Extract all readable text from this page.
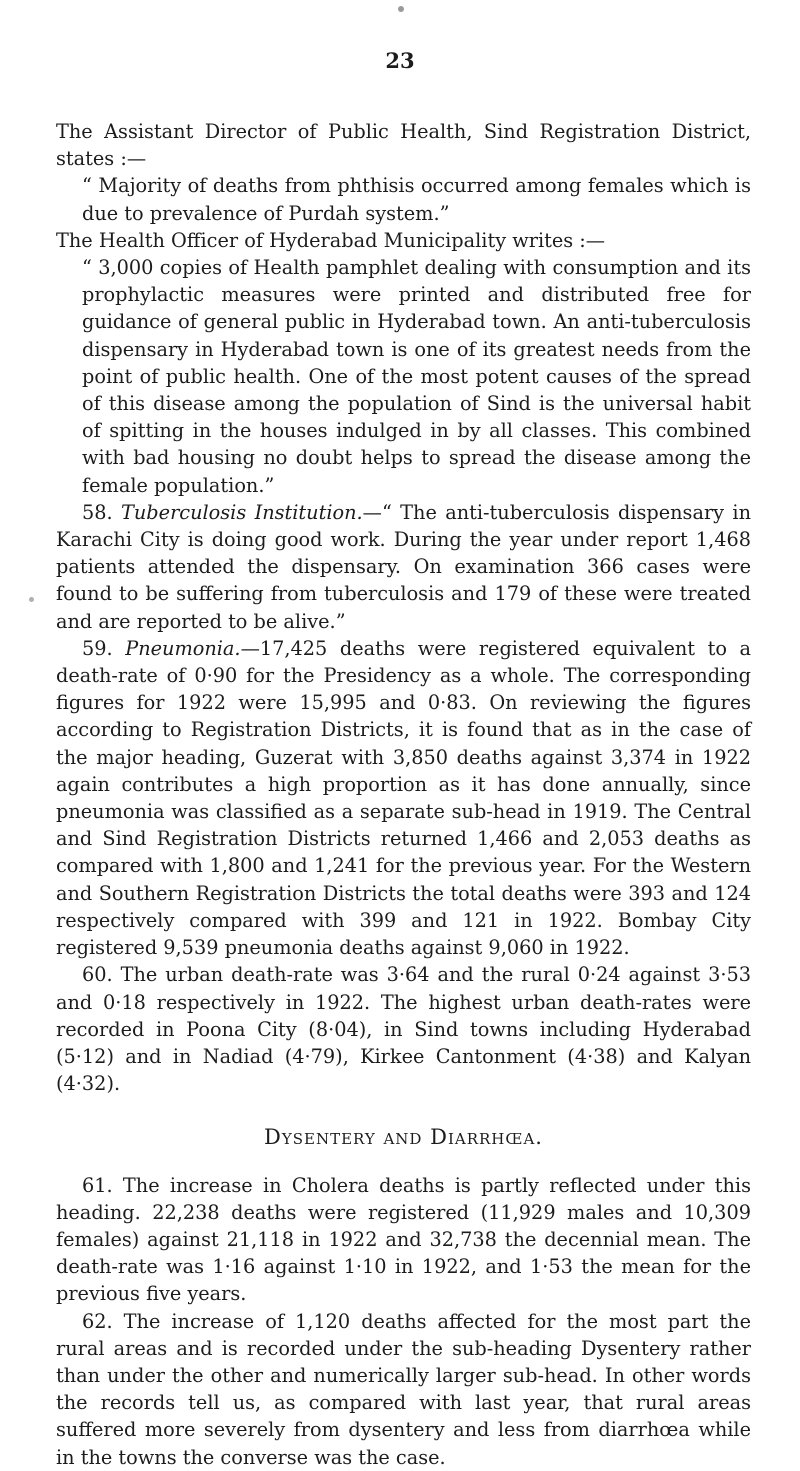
23

The Assistant Director of Public Health, Sind Registration District, states :—

“ Majority of deaths from phthisis occurred among females which is due to prevalence of Purdah system.”

The Health Officer of Hyderabad Municipality writes :—

“ 3,000 copies of Health pamphlet dealing with consumption and its prophylactic measures were printed and distributed free for guidance of general public in Hyderabad town. An anti-tuberculosis dispensary in Hyderabad town is one of its greatest needs from the point of public health. One of the most potent causes of the spread of this disease among the population of Sind is the universal habit of spitting in the houses indulged in by all classes. This combined with bad housing no doubt helps to spread the disease among the female population.”

58. Tuberculosis Institution.—“ The anti-tuberculosis dispensary in Karachi City is doing good work. During the year under report 1,468 patients attended the dispensary. On examination 366 cases were found to be suffering from tuberculosis and 179 of these were treated and are reported to be alive.”

59. Pneumonia.—17,425 deaths were registered equivalent to a death-rate of 0·90 for the Presidency as a whole. The corresponding figures for 1922 were 15,995 and 0·83. On reviewing the figures according to Registration Districts, it is found that as in the case of the major heading, Guzerat with 3,850 deaths against 3,374 in 1922 again contributes a high proportion as it has done annually, since pneumonia was classified as a separate sub-head in 1919. The Central and Sind Registration Districts returned 1,466 and 2,053 deaths as compared with 1,800 and 1,241 for the previous year. For the Western and Southern Registration Districts the total deaths were 393 and 124 respectively compared with 399 and 121 in 1922. Bombay City registered 9,539 pneumonia deaths against 9,060 in 1922.

60. The urban death-rate was 3·64 and the rural 0·24 against 3·53 and 0·18 respectively in 1922. The highest urban death-rates were recorded in Poona City (8·04), in Sind towns including Hyderabad (5·12) and in Nadiad (4·79), Kirkee Cantonment (4·38) and Kalyan (4·32).

Dysentery and Diarrhœa.

61. The increase in Cholera deaths is partly reflected under this heading. 22,238 deaths were registered (11,929 males and 10,309 females) against 21,118 in 1922 and 32,738 the decennial mean. The death-rate was 1·16 against 1·10 in 1922, and 1·53 the mean for the previous five years.

62. The increase of 1,120 deaths affected for the most part the rural areas and is recorded under the sub-heading Dysentery rather than under the other and numerically larger sub-head. In other words the records tell us, as compared with last year, that rural areas suffered more severely from dysentery and less from diarrhœa while in the towns the converse was the case.
